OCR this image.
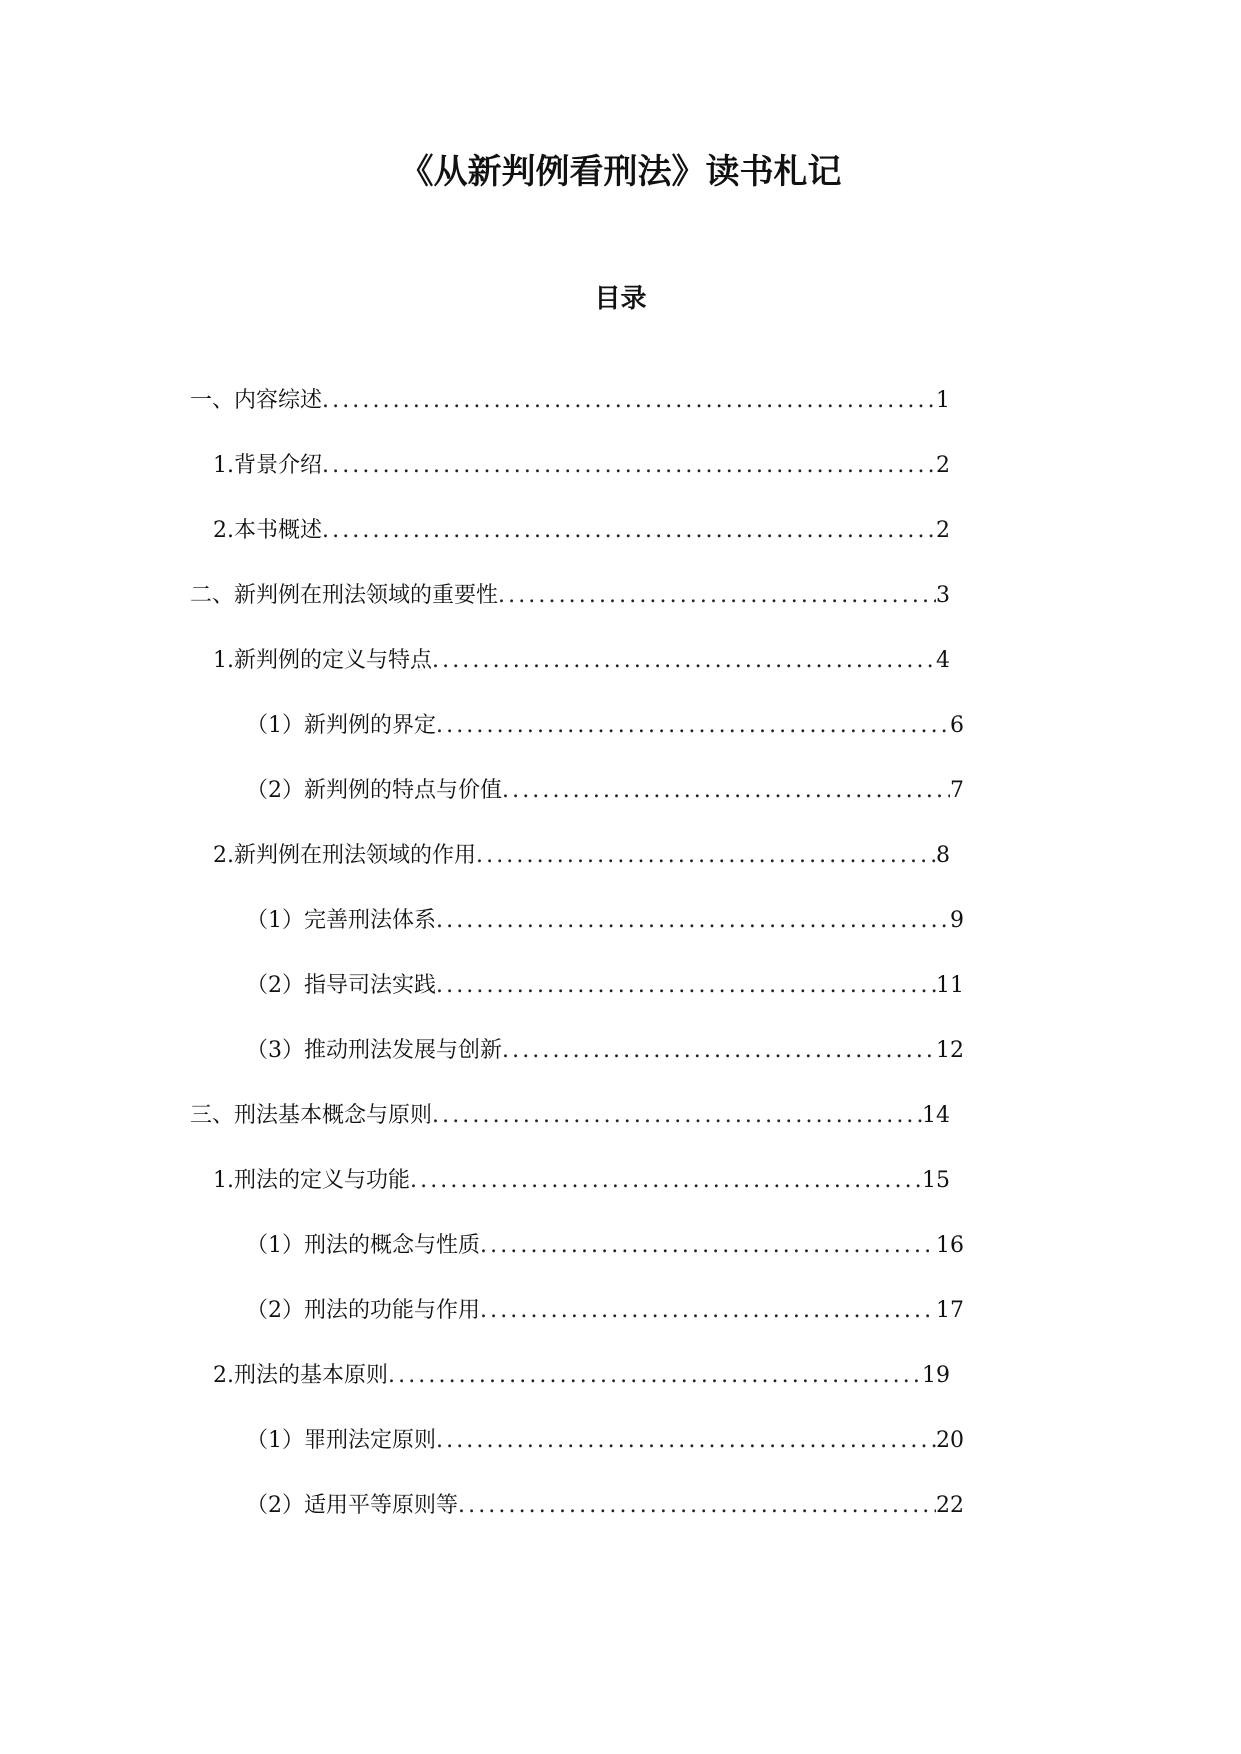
《从新判例看刑法》读书札记
目录
一、 内容综述 .....	1
1. 背景介绍 .....	2
2. 本书概述 .....	2
二、 新判例在刑法领域的重要性 .....	3
1. 新判例的定义与特点 .....	4
（1） 新判例的界定 .....	6
（2） 新判例的特点与价值 .....	7
2. 新判例在刑法领域的作用 .....	8
（1） 完善刑法体系 .....	9
（2） 指导司法实践 .....	11
（3） 推动刑法发展与创新 .....	12
三、 刑法基本概念与原则 .....	14
1. 刑法的定义与功能 .....	15
（1） 刑法的概念与性质 .....	16
（2） 刑法的功能与作用 .....	17
2. 刑法的基本原则 .....	19
（1） 罪刑法定原则 .....	20
（2） 适用平等原则等 .....	22
